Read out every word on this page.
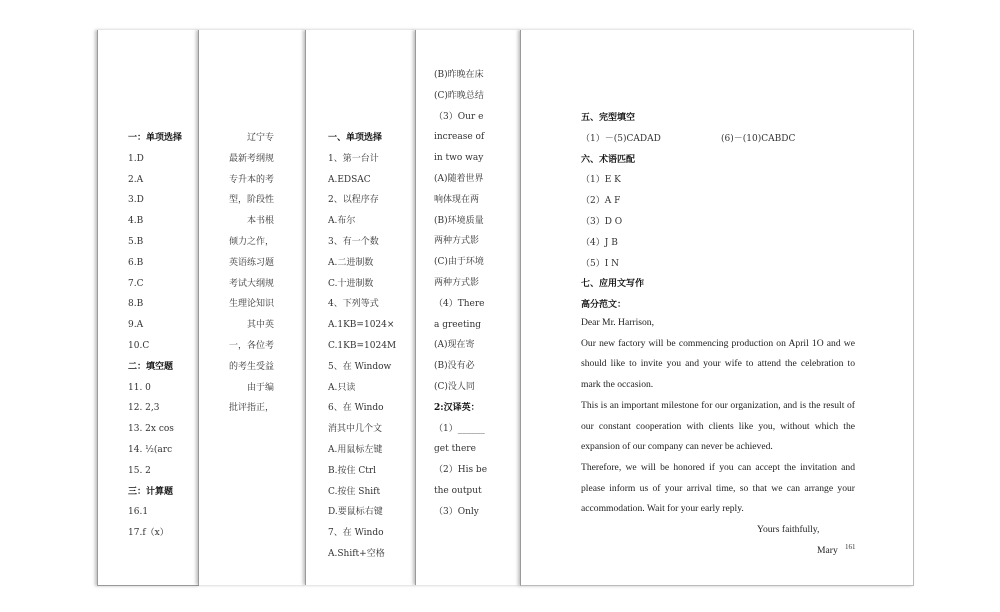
一：单项选择
1.D
2.A
3.D
4.B
5.B
6.B
7.C
8.B
9.A
10.C
二：填空题
11. 0
12. 2,3
13. 2x cos
14. ½(arc
15. 2
三：计算题
16.1
17.f（x）
辽宁专
最新考纲规
专升本的考
型，阶段性
本书根
倾力之作，
英语练习题
考试大纲规
生理论知识
其中英
一，各位考
的考生受益
由于编
批评指正，
一、单项选择
1、第一台计
A.EDSAC
2、以程序存
A.布尔
3、有一个数
A.二进制数
C.十进制数
4、下列等式
A.1KB=1024×
C.1KB=1024M
5、在 Window
A.只读
6、在 Windo
消其中几个文
A.用鼠标左键
B.按住 Ctrl
C.按住 Shift
D.要鼠标右键
7、在 Windo
A.Shift+空格
(B)昨晚在床
(C)昨晚总结
（3）Our e
increase of
in two way
(A)随着世界
响体现在两
(B)环境质量
两种方式影
(C)由于环境
两种方式影
（4）There
a greeting
(A)现在寄
(B)没有必
(C)没人同
2:汉译英：
（1）______
get there
（2）His be
the output
（3）Only
五、完型填空
（1）－(5)CADAD	(6)－(10)CABDC
六、术语匹配
（1）E K
（2）A F
（3）D O
（4）J B
（5）I N
七、应用文写作
高分范文：

Dear Mr. Harrison,

Our new factory will be commencing production on April 1O and we should like to invite you and your wife to attend the celebration to mark the occasion.

This is an important milestone for our organization, and is the result of our constant cooperation with clients like you, without which the expansion of our company can never be achieved.

Therefore, we will be honored if you can accept the invitation and please inform us of your arrival time, so that we can arrange your accommodation. Wait for your early reply.

Yours faithfully,

Mary	161
